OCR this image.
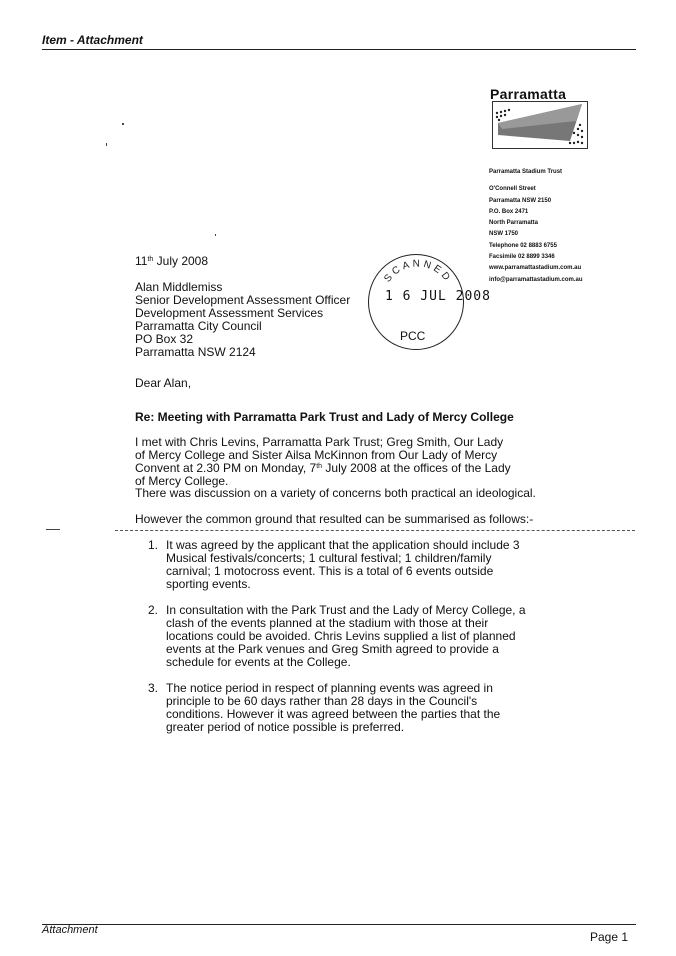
Item - Attachment
Parramatta
Parramatta Stadium Trust
O'Connell Street
Parramatta NSW 2150
P.O. Box 2471
North Parramatta
NSW 1750
Telephone 02 8883 6755
Facsimile 02 8899 3346
www.parramattastadium.com.au
info@parramattastadium.com.au
SCANNED
1 6 JUL 2008
PCC
11th July 2008
Alan Middlemiss
Senior Development Assessment Officer
Development Assessment Services
Parramatta City Council
PO Box 32
Parramatta NSW 2124
Dear Alan,
Re: Meeting with Parramatta Park Trust and Lady of Mercy College
I met with Chris Levins, Parramatta Park Trust; Greg Smith, Our Lady of Mercy College and Sister Ailsa McKinnon from Our Lady of Mercy Convent at 2.30 PM on Monday, 7th July 2008 at the offices of the Lady of Mercy College.
There was discussion on a variety of concerns both practical an ideological.
However the common ground that resulted can be summarised as follows:-
1. It was agreed by the applicant that the application should include 3 Musical festivals/concerts; 1 cultural festival; 1 children/family carnival; 1 motocross event. This is a total of 6 events outside sporting events.
2. In consultation with the Park Trust and the Lady of Mercy College, a clash of the events planned at the stadium with those at their locations could be avoided. Chris Levins supplied a list of planned events at the Park venues and Greg Smith agreed to provide a schedule for events at the College.
3. The notice period in respect of planning events was agreed in principle to be 60 days rather than 28 days in the Council's conditions. However it was agreed between the parties that the greater period of notice possible is preferred.
Attachment	Page 1
